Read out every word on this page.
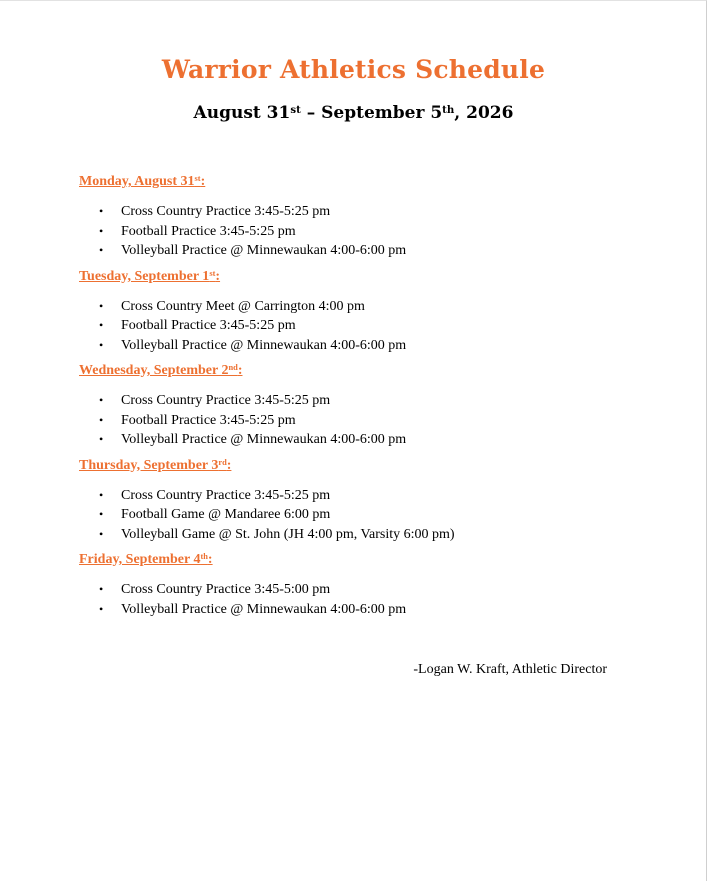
Warrior Athletics Schedule
August 31st – September 5th, 2026
Monday, August 31st:
• Cross Country Practice 3:45-5:25 pm
• Football Practice 3:45-5:25 pm
• Volleyball Practice @ Minnewaukan 4:00-6:00 pm
Tuesday, September 1st:
• Cross Country Meet @ Carrington 4:00 pm
• Football Practice 3:45-5:25 pm
• Volleyball Practice @ Minnewaukan 4:00-6:00 pm
Wednesday, September 2nd:
• Cross Country Practice 3:45-5:25 pm
• Football Practice 3:45-5:25 pm
• Volleyball Practice @ Minnewaukan 4:00-6:00 pm
Thursday, September 3rd:
• Cross Country Practice 3:45-5:25 pm
• Football Game @ Mandaree 6:00 pm
• Volleyball Game @ St. John (JH 4:00 pm, Varsity 6:00 pm)
Friday, September 4th:
• Cross Country Practice 3:45-5:00 pm
• Volleyball Practice @ Minnewaukan 4:00-6:00 pm
-Logan W. Kraft, Athletic Director
